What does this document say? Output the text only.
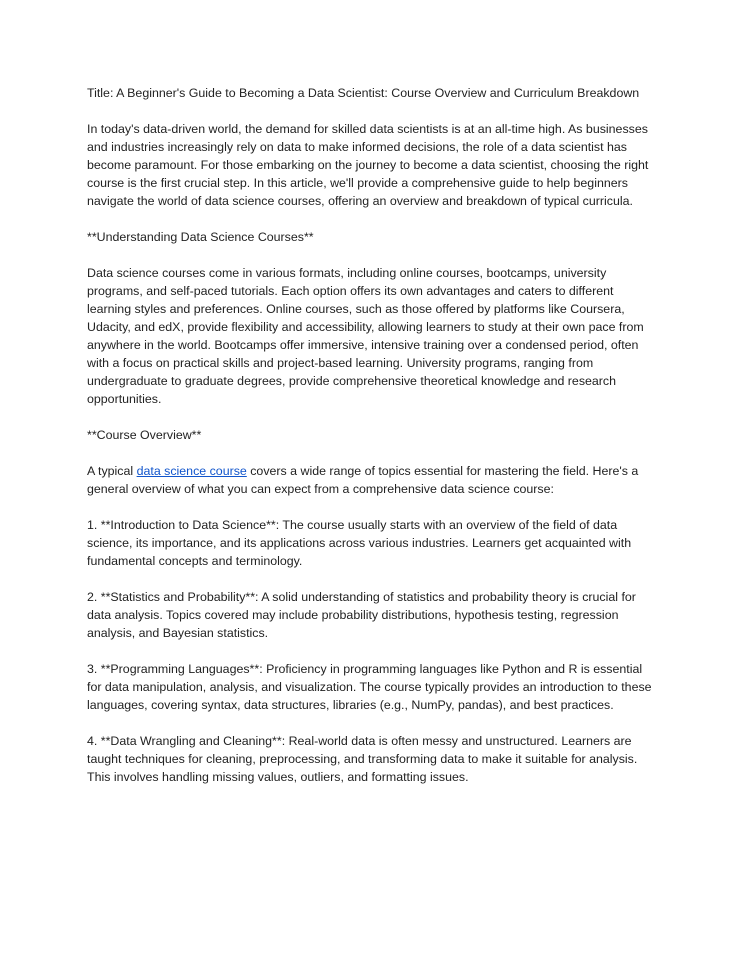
Title: A Beginner's Guide to Becoming a Data Scientist: Course Overview and Curriculum Breakdown

In today's data-driven world, the demand for skilled data scientists is at an all-time high. As businesses and industries increasingly rely on data to make informed decisions, the role of a data scientist has become paramount. For those embarking on the journey to become a data scientist, choosing the right course is the first crucial step. In this article, we'll provide a comprehensive guide to help beginners navigate the world of data science courses, offering an overview and breakdown of typical curricula.

**Understanding Data Science Courses**

Data science courses come in various formats, including online courses, bootcamps, university programs, and self-paced tutorials. Each option offers its own advantages and caters to different learning styles and preferences. Online courses, such as those offered by platforms like Coursera, Udacity, and edX, provide flexibility and accessibility, allowing learners to study at their own pace from anywhere in the world. Bootcamps offer immersive, intensive training over a condensed period, often with a focus on practical skills and project-based learning. University programs, ranging from undergraduate to graduate degrees, provide comprehensive theoretical knowledge and research opportunities.

**Course Overview**

A typical data science course covers a wide range of topics essential for mastering the field. Here's a general overview of what you can expect from a comprehensive data science course:

1. **Introduction to Data Science**: The course usually starts with an overview of the field of data science, its importance, and its applications across various industries. Learners get acquainted with fundamental concepts and terminology.

2. **Statistics and Probability**: A solid understanding of statistics and probability theory is crucial for data analysis. Topics covered may include probability distributions, hypothesis testing, regression analysis, and Bayesian statistics.

3. **Programming Languages**: Proficiency in programming languages like Python and R is essential for data manipulation, analysis, and visualization. The course typically provides an introduction to these languages, covering syntax, data structures, libraries (e.g., NumPy, pandas), and best practices.

4. **Data Wrangling and Cleaning**: Real-world data is often messy and unstructured. Learners are taught techniques for cleaning, preprocessing, and transforming data to make it suitable for analysis. This involves handling missing values, outliers, and formatting issues.
